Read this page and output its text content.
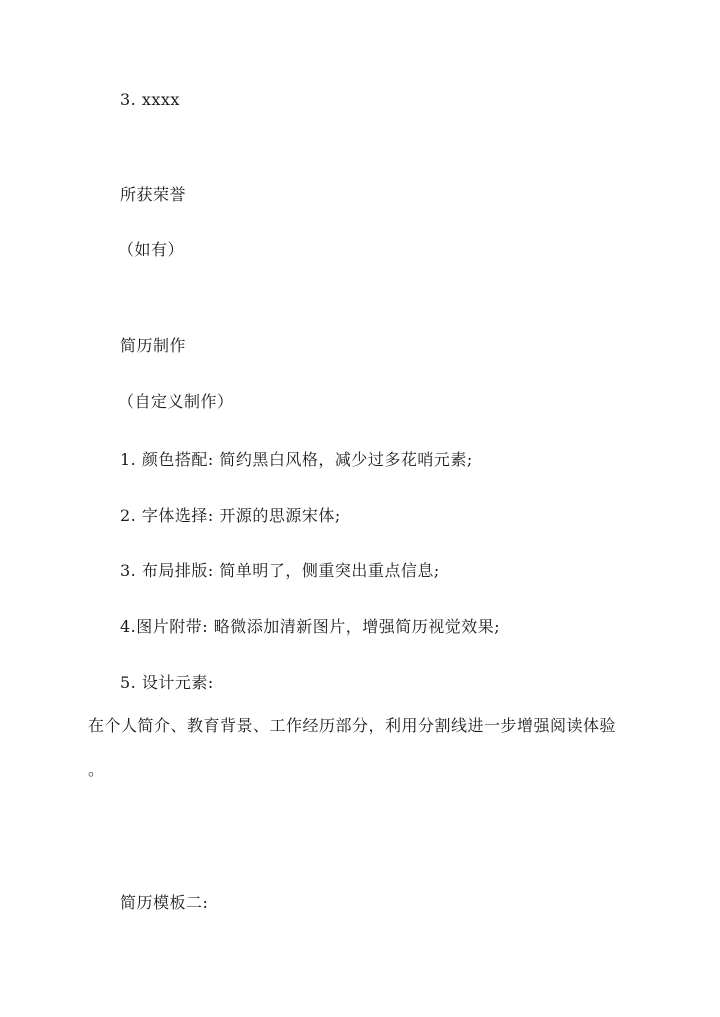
3. xxxx
所获荣誉
（如有）
简历制作
（自定义制作）
1. 颜色搭配: 简约黑白风格，减少过多花哨元素;
2. 字体选择: 开源的思源宋体;
3. 布局排版: 简单明了，侧重突出重点信息;
4.图片附带: 略微添加清新图片，增强简历视觉效果;
5. 设计元素:
在个人简介、教育背景、工作经历部分，利用分割线进一步增强阅读体验
。
简历模板二:
